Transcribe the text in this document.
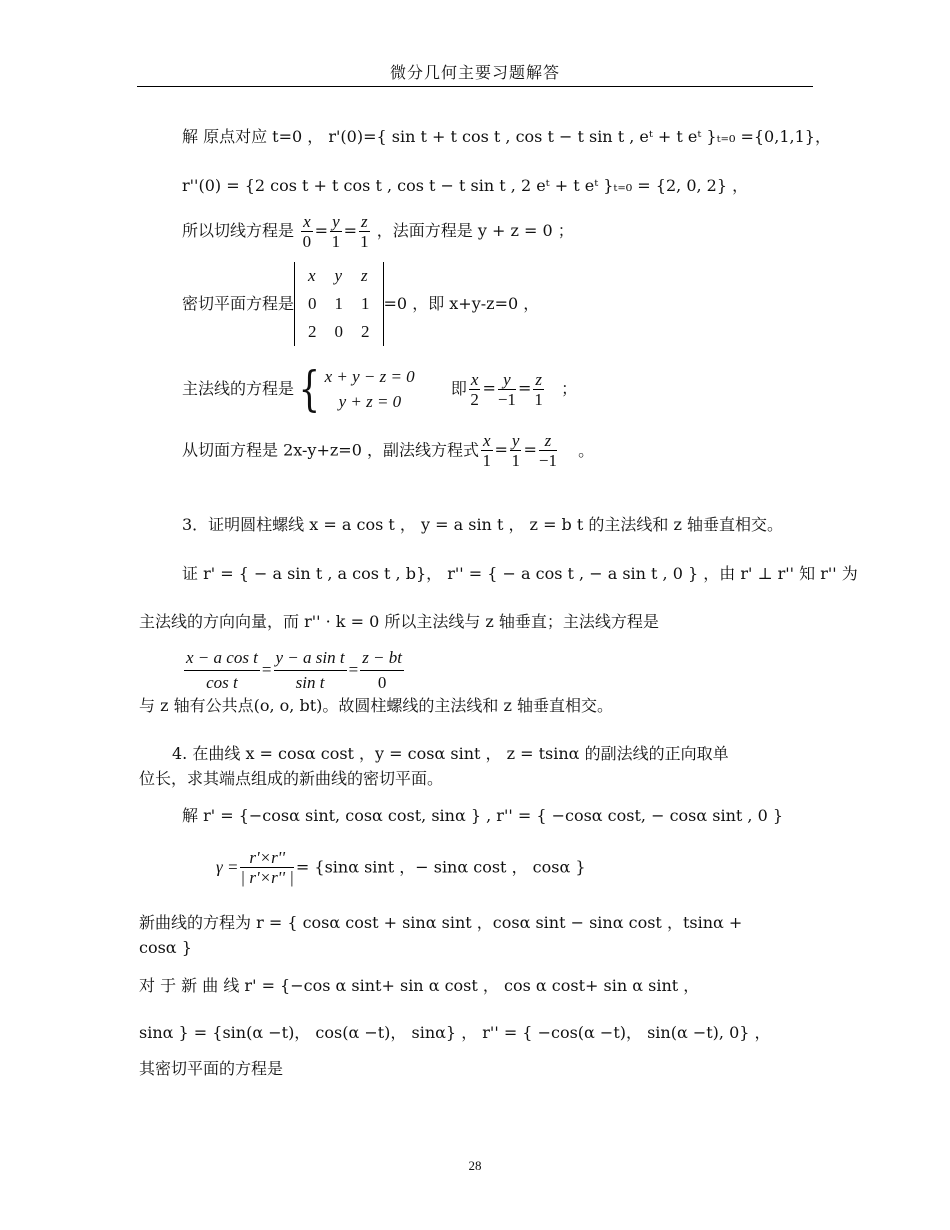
微分几何主要习题解答
解 原点对应 t=0 ， r'(0)={ sin t + t cos t , cos t − t sin t , eᵗ + t eᵗ }ₜ₌₀ ={0,1,1}，
r''(0) = {2 cos t + t cos t , cos t − t sin t , 2 eᵗ + t eᵗ }ₜ₌₀ = {2, 0, 2} ，
所以切线方程是 $\frac{x}{0} = \frac{y}{1} = \frac{z}{1}$ ，法面方程是 y + z = 0 ；
密切平面方程是
x	y	z
0	1	1
2	0	2
=0 ，即 x+y-z=0 ，
主法线的方程是{ x + y − z = 0
y + z = 0
即 $\frac{x}{2} = \frac{y}{-1} = \frac{z}{1}$ ；
从切面方程是 2x-y+z=0 ，副法线方程式 $\frac{x}{1} = \frac{y}{1} = \frac{z}{-1}$ 。
3．证明圆柱螺线 x = a cos t ， y = a sin t ， z = b t 的主法线和 z 轴垂直相交。
证 r' = { − a sin t , a cos t , b}， r'' = { − a cos t , − a sin t , 0 } ，由 r' ⊥ r'' 知 r'' 为
主法线的方向向量，而 r'' · k = 0 所以主法线与 z 轴垂直；主法线方程是
$\frac{\text{x − a cos t}}{\text{cos t}} = \frac{\text{y − a sin t}}{\text{sin t}} = \frac{z - bt}{0}$
与 z 轴有公共点(o, o, bt)。故圆柱螺线的主法线和 z 轴垂直相交。
4. 在曲线 x = cosα cost ，y = cosα sint ， z = tsinα 的副法线的正向取单
位长，求其端点组成的新曲线的密切平面。
解 r' = {−cosα sint, cosα cost, sinα } , r'' = { −cosα cost, − cosα sint , 0 }
$\gamma = \frac{r'\times r''}{| r'\times r'' |} = \{\sin\alpha$ sint ，− sinα cost ， cosα }
新曲线的方程为 r = { cosα cost + sinα sint ，cosα sint − sinα cost ，tsinα +
cosα }
对 于 新 曲 线 r' = {−cos α sint+ sin α cost ， cos α cost+ sin α sint ，
sinα } = {sin(α −t)， cos(α −t)， sinα} ， r'' = { −cos(α −t)， sin(α −t), 0} ，
其密切平面的方程是
28
